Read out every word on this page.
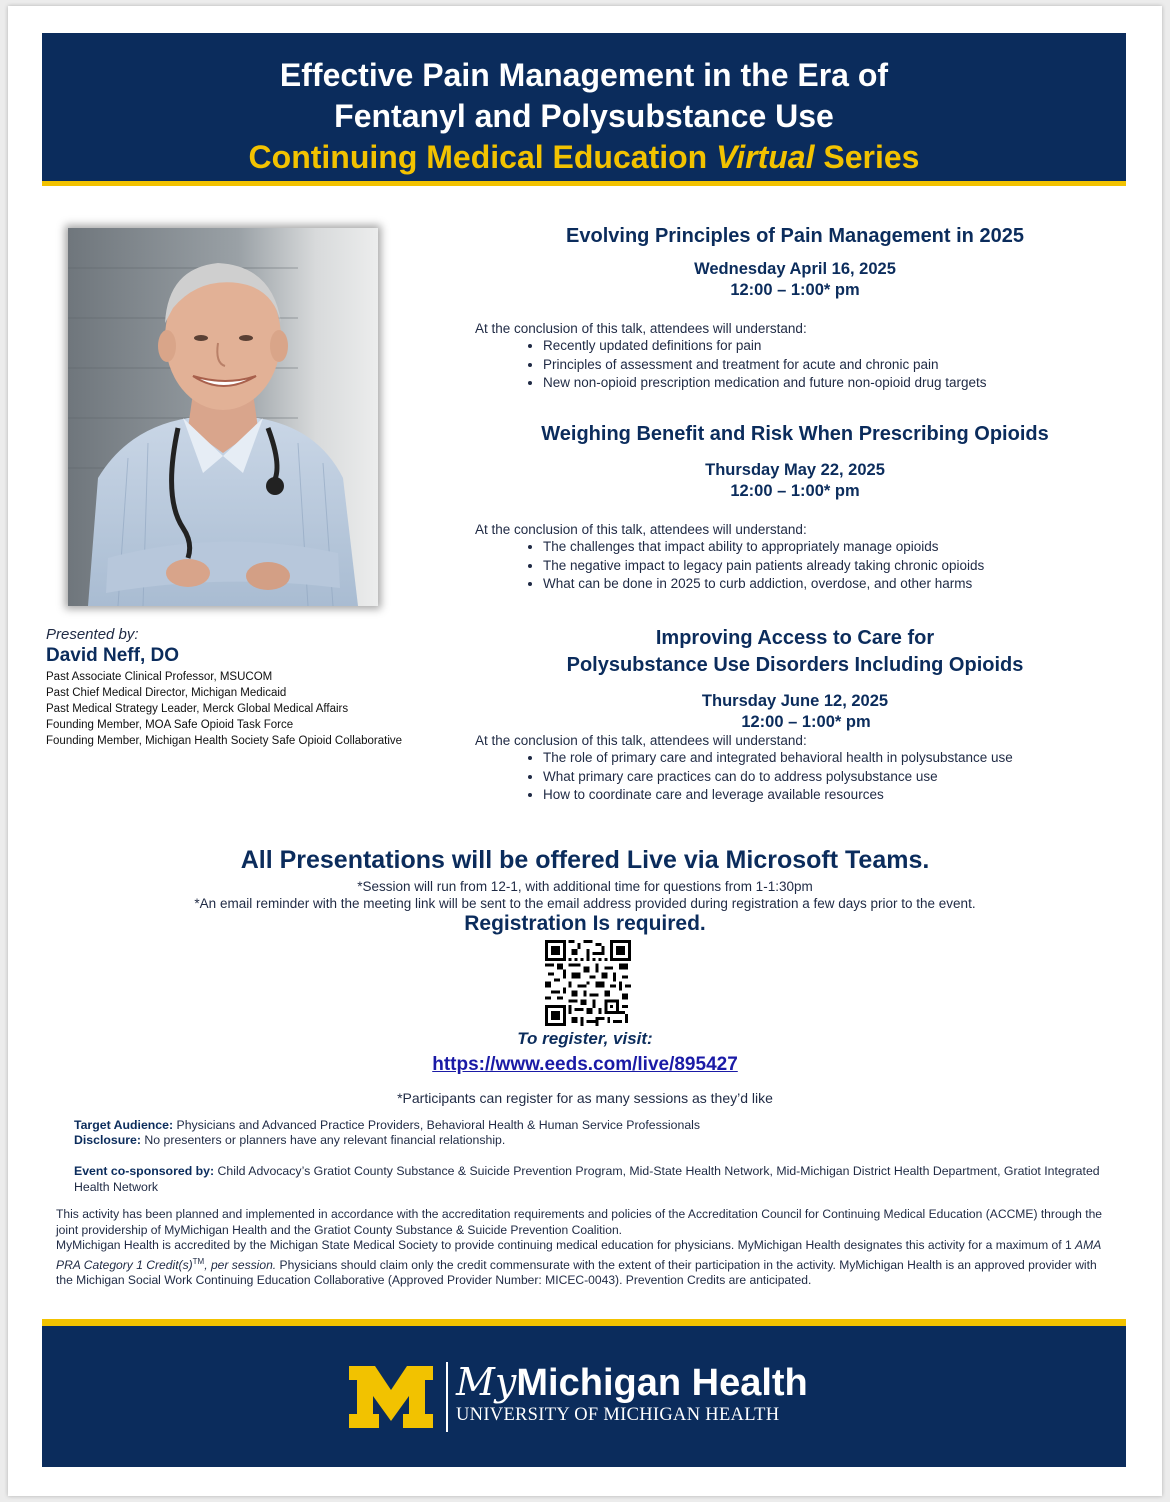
Effective Pain Management in the Era of
Fentanyl and Polysubstance Use
Continuing Medical Education Virtual Series
Presented by:
David Neff, DO
Past Associate Clinical Professor, MSUCOM
Past Chief Medical Director, Michigan Medicaid
Past Medical Strategy Leader, Merck Global Medical Affairs
Founding Member, MOA Safe Opioid Task Force
Founding Member, Michigan Health Society Safe Opioid Collaborative
Evolving Principles of Pain Management in 2025
Wednesday April 16, 2025
12:00 – 1:00* pm
At the conclusion of this talk, attendees will understand:
• Recently updated definitions for pain
• Principles of assessment and treatment for acute and chronic pain
• New non-opioid prescription medication and future non-opioid drug targets
Weighing Benefit and Risk When Prescribing Opioids
Thursday May 22, 2025
12:00 – 1:00* pm
At the conclusion of this talk, attendees will understand:
• The challenges that impact ability to appropriately manage opioids
• The negative impact to legacy pain patients already taking chronic opioids
• What can be done in 2025 to curb addiction, overdose, and other harms
Improving Access to Care for
Polysubstance Use Disorders Including Opioids
Thursday June 12, 2025
12:00 – 1:00* pm
At the conclusion of this talk, attendees will understand:
• The role of primary care and integrated behavioral health in polysubstance use
• What primary care practices can do to address polysubstance use
• How to coordinate care and leverage available resources
All Presentations will be offered Live via Microsoft Teams.
*Session will run from 12-1, with additional time for questions from 1-1:30pm
*An email reminder with the meeting link will be sent to the email address provided during registration a few days prior to the event.
Registration Is required.
To register, visit:
https://www.eeds.com/live/895427
*Participants can register for as many sessions as they’d like
Target Audience: Physicians and Advanced Practice Providers, Behavioral Health & Human Service Professionals
Disclosure: No presenters or planners have any relevant financial relationship.
Event co-sponsored by: Child Advocacy’s Gratiot County Substance & Suicide Prevention Program, Mid-State Health Network, Mid-Michigan District Health Department, Gratiot Integrated Health Network
This activity has been planned and implemented in accordance with the accreditation requirements and policies of the Accreditation Council for Continuing Medical Education (ACCME) through the joint providership of MyMichigan Health and the Gratiot County Substance & Suicide Prevention Coalition.
MyMichigan Health is accredited by the Michigan State Medical Society to provide continuing medical education for physicians. MyMichigan Health designates this activity for a maximum of 1 AMA PRA Category 1 Credit(s)™, per session. Physicians should claim only the credit commensurate with the extent of their participation in the activity. MyMichigan Health is an approved provider with the Michigan Social Work Continuing Education Collaborative (Approved Provider Number: MICEC-0043). Prevention Credits are anticipated.
MyMichigan Health
UNIVERSITY OF MICHIGAN HEALTH
